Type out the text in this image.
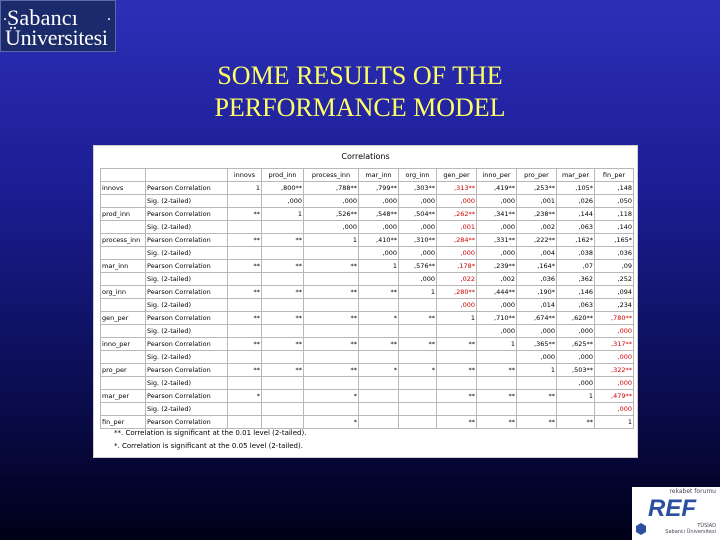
. Sabancı .
Üniversitesi
SOME RESULTS OF THE
PERFORMANCE MODEL
Correlations
		innovs	prod_inn	process_inn	mar_inn	org_inn	gen_per	inno_per	pro_per	mar_per	fin_per
innovs	Pearson Correlation	1	,800**	,788**	,799**	,303**	,313**	,419**	,253**	,105*	,148
	Sig. (2-tailed)		,000	,000	,000	,000	,000	,000	,001	,026	,050
prod_inn	Pearson Correlation	**	1	,526**	,548**	,504**	,262**	,341**	,238**	,144	,118
	Sig. (2-tailed)			,000	,000	,000	,001	,000	,002	,063	,140
process_inn	Pearson Correlation	**	**	1	,410**	,310**	,284**	,331**	,222**	,162*	,165*
	Sig. (2-tailed)				,000	,000	,000	,000	,004	,038	,036
mar_inn	Pearson Correlation	**	**	**	1	,576**	,178*	,239**	,164*	,07	,09
	Sig. (2-tailed)					,000	,022	,002	,036	,362	,252
org_inn	Pearson Correlation	**	**	**	**	1	,280**	,444**	,190*	,146	,094
	Sig. (2-tailed)						,000	,000	,014	,063	,234
gen_per	Pearson Correlation	**	**	**	*	**	1	,710**	,674**	,620**	,780**
	Sig. (2-tailed)							,000	,000	,000	,000
inno_per	Pearson Correlation	**	**	**	**	**	**	1	,365**	,625**	,317**
	Sig. (2-tailed)								,000	,000	,000
pro_per	Pearson Correlation	**	**	**	*	*	**	**	1	,503**	,322**
	Sig. (2-tailed)									,000	,000
mar_per	Pearson Correlation	*		*			**	**	**	1	,479**
	Sig. (2-tailed)										,000
fin_per	Pearson Correlation			*			**	**	**	**	1
**. Correlation is significant at the 0.01 level (2-tailed).
*. Correlation is significant at the 0.05 level (2-tailed).
rekabet forumu
REF
TÜSİAD
Sabancı Üniversitesi
